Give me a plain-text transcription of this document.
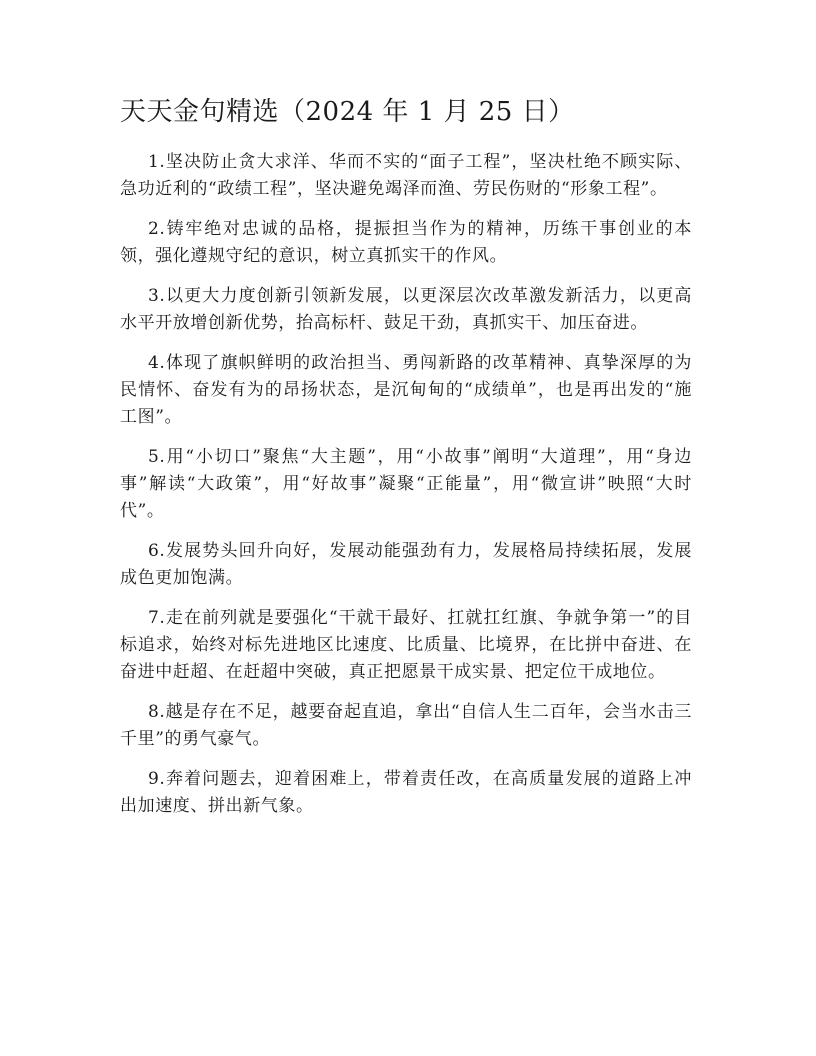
天天金句精选（2024 年 1 月 25 日）
1.坚决防止贪大求洋、华而不实的“面子工程”，坚决杜绝不顾实际、急功近利的“政绩工程”，坚决避免竭泽而渔、劳民伤财的“形象工程”。
2.铸牢绝对忠诚的品格，提振担当作为的精神，历练干事创业的本领，强化遵规守纪的意识，树立真抓实干的作风。
3.以更大力度创新引领新发展，以更深层次改革激发新活力，以更高水平开放增创新优势，抬高标杆、鼓足干劲，真抓实干、加压奋进。
4.体现了旗帜鲜明的政治担当、勇闯新路的改革精神、真挚深厚的为民情怀、奋发有为的昂扬状态，是沉甸甸的“成绩单”，也是再出发的“施工图”。
5.用“小切口”聚焦“大主题”，用“小故事”阐明“大道理”，用“身边事”解读“大政策”，用“好故事”凝聚“正能量”，用“微宣讲”映照“大时代”。
6.发展势头回升向好，发展动能强劲有力，发展格局持续拓展，发展成色更加饱满。
7.走在前列就是要强化“干就干最好、扛就扛红旗、争就争第一”的目标追求，始终对标先进地区比速度、比质量、比境界，在比拼中奋进、在奋进中赶超、在赶超中突破，真正把愿景干成实景、把定位干成地位。
8.越是存在不足，越要奋起直追，拿出“自信人生二百年，会当水击三千里”的勇气豪气。
9.奔着问题去，迎着困难上，带着责任改，在高质量发展的道路上冲出加速度、拼出新气象。
